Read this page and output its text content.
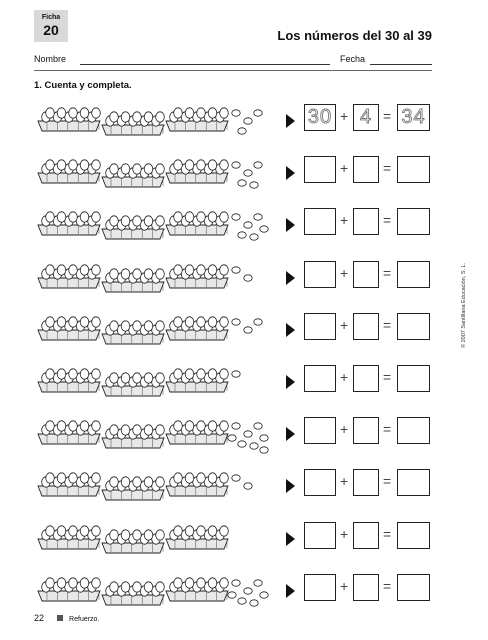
Ficha
20	Los números del 30 al 39
Nombre	Fecha
1. Cuenta y completa.
30 + 4 = 34
+ =
+ =
+ =
+ =
+ =
+ =
+ =
+ =
+ =
© 2007 Santillana Educación, S. L.
22	Refuerzo.
